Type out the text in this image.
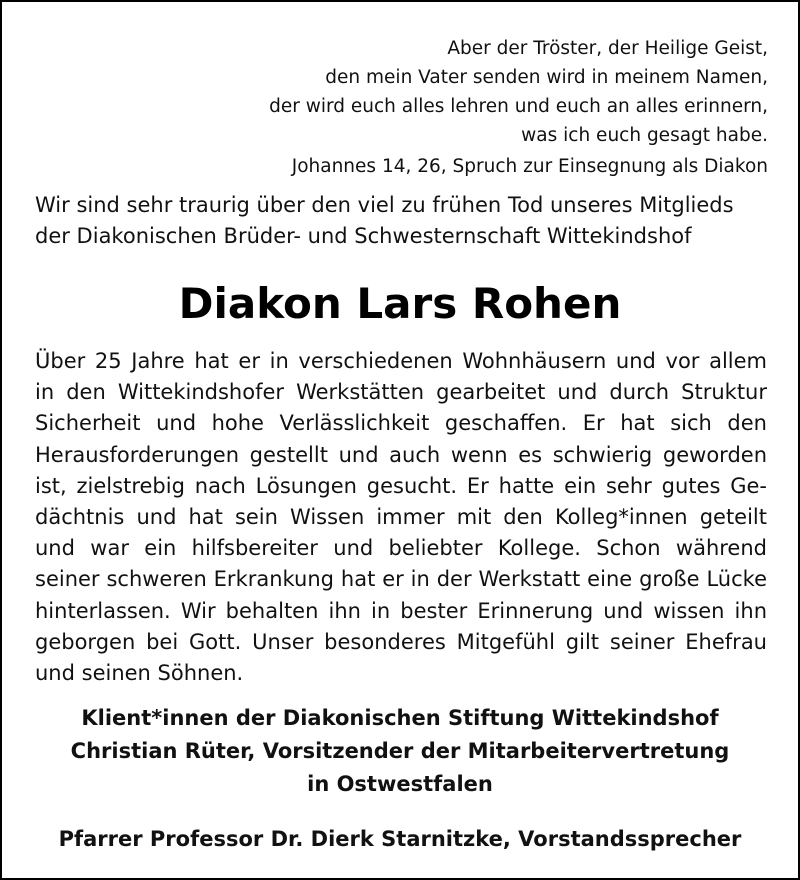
Aber der Tröster, der Heilige Geist,
den mein Vater senden wird in meinem Namen,
der wird euch alles lehren und euch an alles erinnern,
was ich euch gesagt habe.
Johannes 14, 26, Spruch zur Einsegnung als Diakon
Wir sind sehr traurig über den viel zu frühen Tod unseres Mitglieds
der Diakonischen Brüder- und Schwesternschaft Wittekindshof
Diakon Lars Rohen
Über 25 Jahre hat er in verschiedenen Wohnhäusern und vor allem
in den Wittekindshofer Werkstätten gearbeitet und durch Struktur
Sicherheit und hohe Verlässlichkeit geschaffen. Er hat sich den
Herausforderungen gestellt und auch wenn es schwierig geworden
ist, zielstrebig nach Lösungen gesucht. Er hatte ein sehr gutes Ge-
dächtnis und hat sein Wissen immer mit den Kolleg*innen geteilt
und war ein hilfsbereiter und beliebter Kollege. Schon während
seiner schweren Erkrankung hat er in der Werkstatt eine große Lücke
hinterlassen. Wir behalten ihn in bester Erinnerung und wissen ihn
geborgen bei Gott. Unser besonderes Mitgefühl gilt seiner Ehefrau
und seinen Söhnen.
Klient*innen der Diakonischen Stiftung Wittekindshof
Christian Rüter, Vorsitzender der Mitarbeitervertretung
in Ostwestfalen
Pfarrer Professor Dr. Dierk Starnitzke, Vorstandssprecher
